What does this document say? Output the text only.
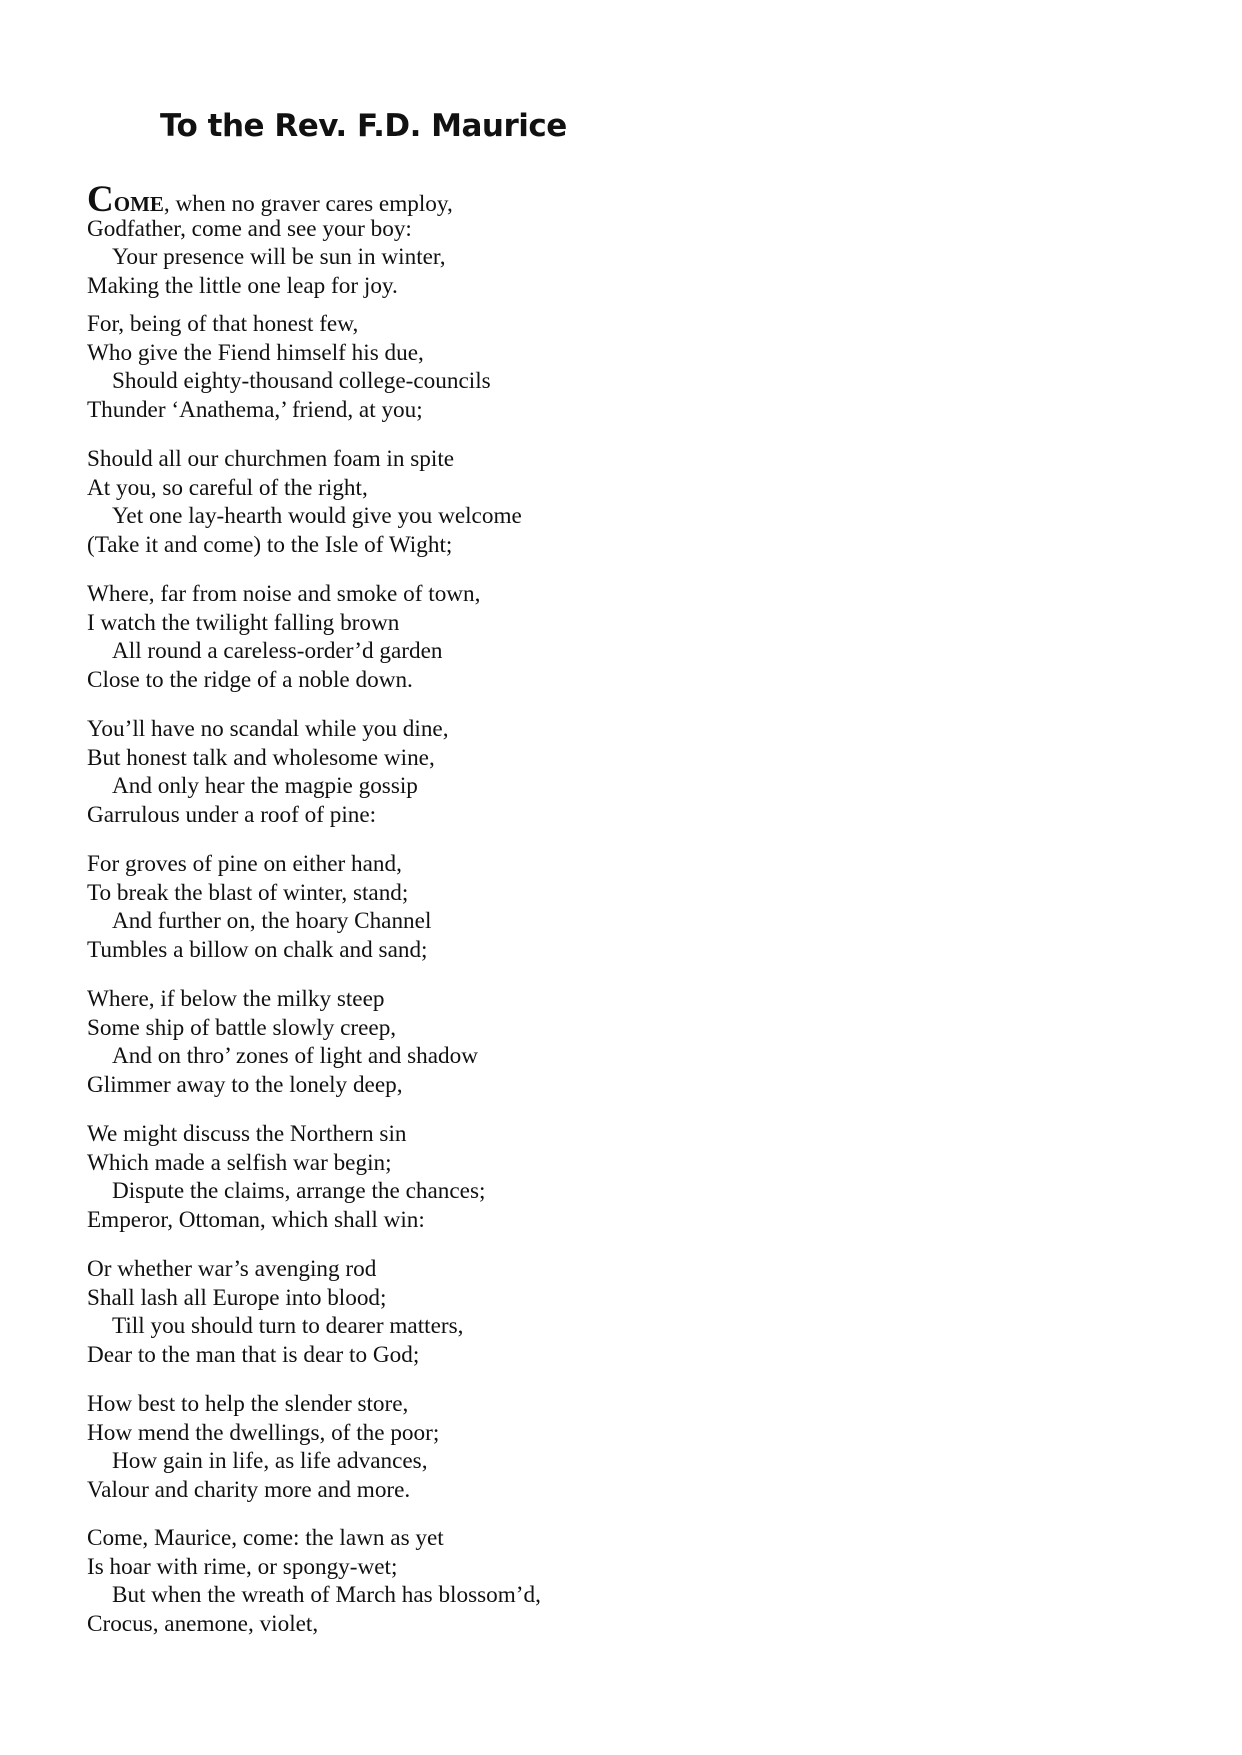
To the Rev. F.D. Maurice

COME, when no graver cares employ,
Godfather, come and see your boy:
Your presence will be sun in winter,
Making the little one leap for joy.

For, being of that honest few,
Who give the Fiend himself his due,
Should eighty-thousand college-councils
Thunder ‘Anathema,’ friend, at you;

Should all our churchmen foam in spite
At you, so careful of the right,
Yet one lay-hearth would give you welcome
(Take it and come) to the Isle of Wight;

Where, far from noise and smoke of town,
I watch the twilight falling brown
All round a careless-order’d garden
Close to the ridge of a noble down.

You’ll have no scandal while you dine,
But honest talk and wholesome wine,
And only hear the magpie gossip
Garrulous under a roof of pine:

For groves of pine on either hand,
To break the blast of winter, stand;
And further on, the hoary Channel
Tumbles a billow on chalk and sand;

Where, if below the milky steep
Some ship of battle slowly creep,
And on thro’ zones of light and shadow
Glimmer away to the lonely deep,

We might discuss the Northern sin
Which made a selfish war begin;
Dispute the claims, arrange the chances;
Emperor, Ottoman, which shall win:

Or whether war’s avenging rod
Shall lash all Europe into blood;
Till you should turn to dearer matters,
Dear to the man that is dear to God;

How best to help the slender store,
How mend the dwellings, of the poor;
How gain in life, as life advances,
Valour and charity more and more.

Come, Maurice, come: the lawn as yet
Is hoar with rime, or spongy-wet;
But when the wreath of March has blossom’d,
Crocus, anemone, violet,
